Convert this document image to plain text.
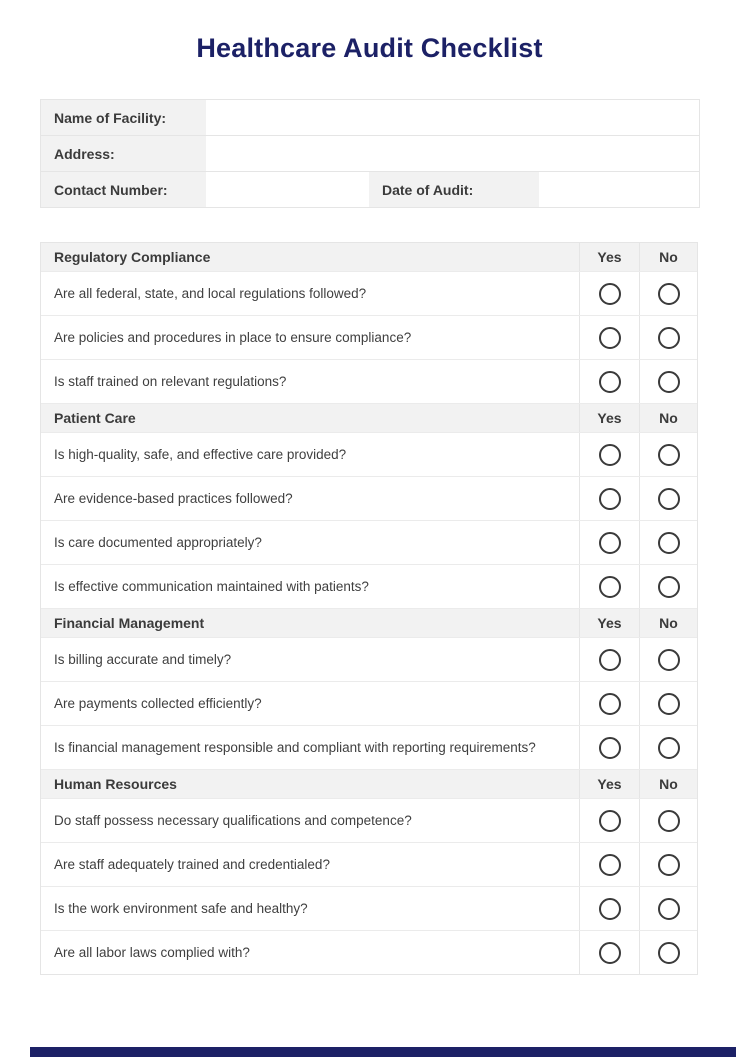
Healthcare Audit Checklist
Name of Facility:
Address:
Contact Number:	Date of Audit:
Regulatory Compliance	Yes	No
Are all federal, state, and local regulations followed?
Are policies and procedures in place to ensure compliance?
Is staff trained on relevant regulations?
Patient Care	Yes	No
Is high-quality, safe, and effective care provided?
Are evidence-based practices followed?
Is care documented appropriately?
Is effective communication maintained with patients?
Financial Management	Yes	No
Is billing accurate and timely?
Are payments collected efficiently?
Is financial management responsible and compliant with reporting requirements?
Human Resources	Yes	No
Do staff possess necessary qualifications and competence?
Are staff adequately trained and credentialed?
Is the work environment safe and healthy?
Are all labor laws complied with?
